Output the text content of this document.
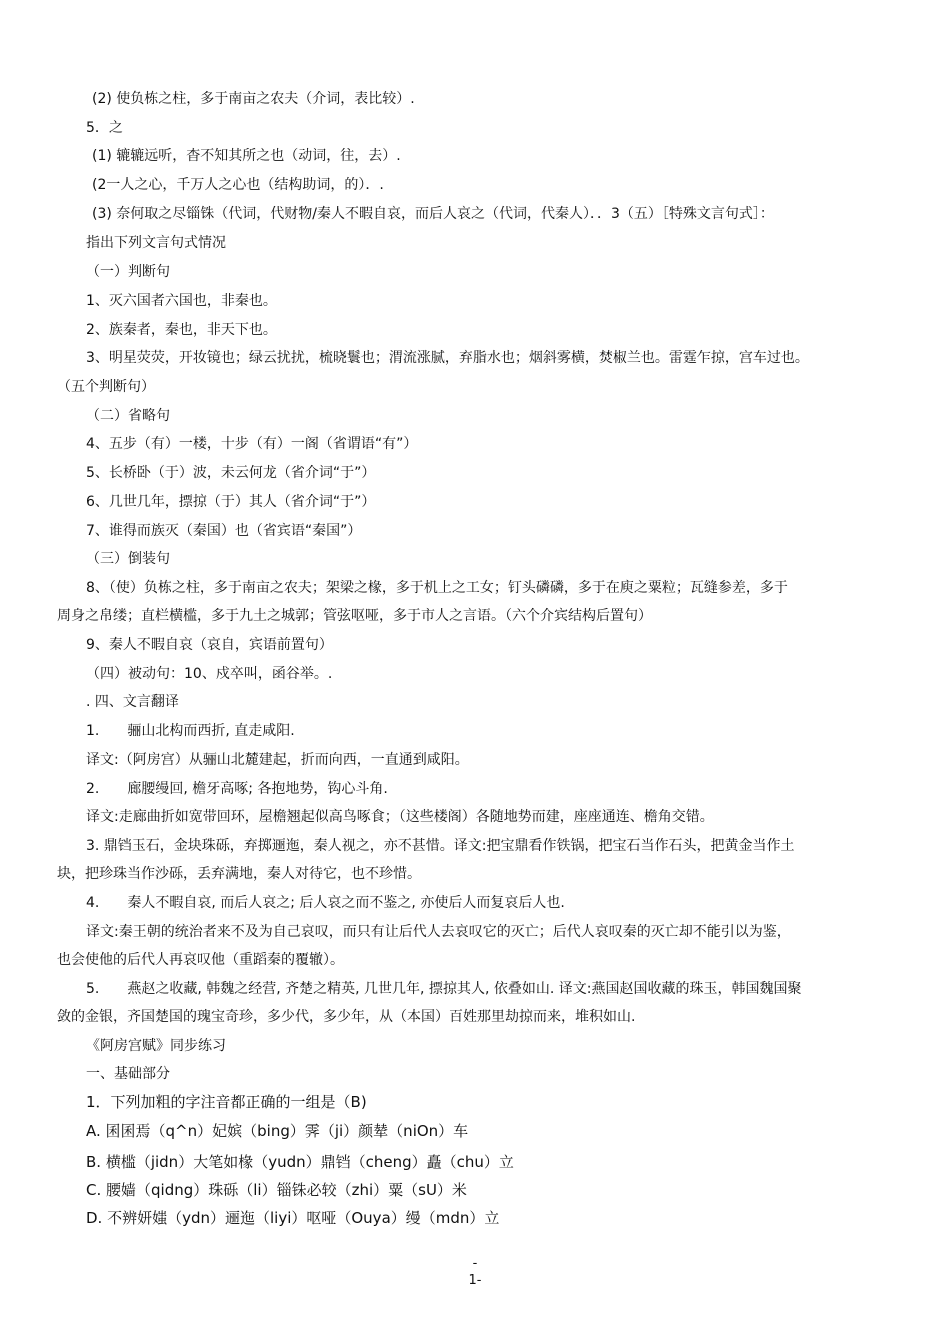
(2) 使负栋之柱，多于南亩之农夫（介词，表比较）.
5．之
(1) 辘辘远听，杳不知其所之也（动词，往，去）.
(2一人之心，千万人之心也（结构助词，的）．.
(3) 奈何取之尽锱铢（代词，代财物/秦人不暇自哀，而后人哀之（代词，代秦人）．．3（五）［特殊文言句式］：
指出下列文言句式情况
（一）判断句
1、灭六国者六国也，非秦也。
2、族秦者，秦也，非天下也。
3、明星荧荧，开妆镜也；绿云扰扰，梳晓鬟也；渭流涨腻，弃脂水也；烟斜雾横，焚椒兰也。雷霆乍掠，宫车过也。
（五个判断句）
（二）省略句
4、五步（有）一楼，十步（有）一阁（省谓语“有”）
5、长桥卧（于）波，未云何龙（省介词“于”）
6、几世几年，摽掠（于）其人（省介词“于”）
7、谁得而族灭（秦国）也（省宾语“秦国”）
（三）倒装句
8、（使）负栋之柱，多于南亩之农夫；架梁之椽，多于机上之工女；钉头磷磷，多于在庾之粟粒；瓦缝参差，多于
周身之帛缕；直栏横槛，多于九土之城郭；管弦呕哑，多于市人之言语。（六个介宾结构后置句）
9、秦人不暇自哀（哀自，宾语前置句）
（四）被动句：10、戍卒叫，函谷举。.
. 四、文言翻译
1.　　骊山北构而西折, 直走咸阳.
译文:（阿房宫）从骊山北麓建起，折而向西，一直通到咸阳。
2.　　廊腰缦回, 檐牙高啄; 各抱地势，钩心斗角.
译文:走廊曲折如宽带回环，屋檐翘起似高鸟啄食；（这些楼阁）各随地势而建，座座通连、檐角交错。
3. 鼎铛玉石，金块珠砾，弃掷逦迤，秦人视之，亦不甚惜。译文:把宝鼎看作铁锅，把宝石当作石头，把黄金当作土
块，把珍珠当作沙砾，丢弃满地，秦人对待它，也不珍惜。
4.　　秦人不暇自哀, 而后人哀之; 后人哀之而不鉴之, 亦使后人而复哀后人也.
译文:秦王朝的统治者来不及为自己哀叹，而只有让后代人去哀叹它的灭亡；后代人哀叹秦的灭亡却不能引以为鉴，
也会使他的后代人再哀叹他（重蹈秦的覆辙）。
5.　　燕赵之收藏, 韩魏之经营, 齐楚之精英, 几世几年, 摽掠其人, 依叠如山. 译文:燕国赵国收藏的珠玉，韩国魏国聚
敛的金银，齐国楚国的瑰宝奇珍，多少代，多少年，从（本国）百姓那里劫掠而来，堆积如山.
《阿房宫赋》同步练习
一、基础部分
1．下列加粗的字注音都正确的一组是（B)
A. 囷囷焉（q^n）妃嫔（bing）霁（ji）颜辇（niOn）车
B. 横槛（jidn）大笔如椽（yudn）鼎铛（cheng）矗（chu）立
C. 腰嫱（qidng）珠砾（li）锱铢必较（zhi）粟（sU）米
D. 不辨妍媸（ydn）逦迤（liyi）呕哑（Ouya）缦（mdn）立
-
1-
